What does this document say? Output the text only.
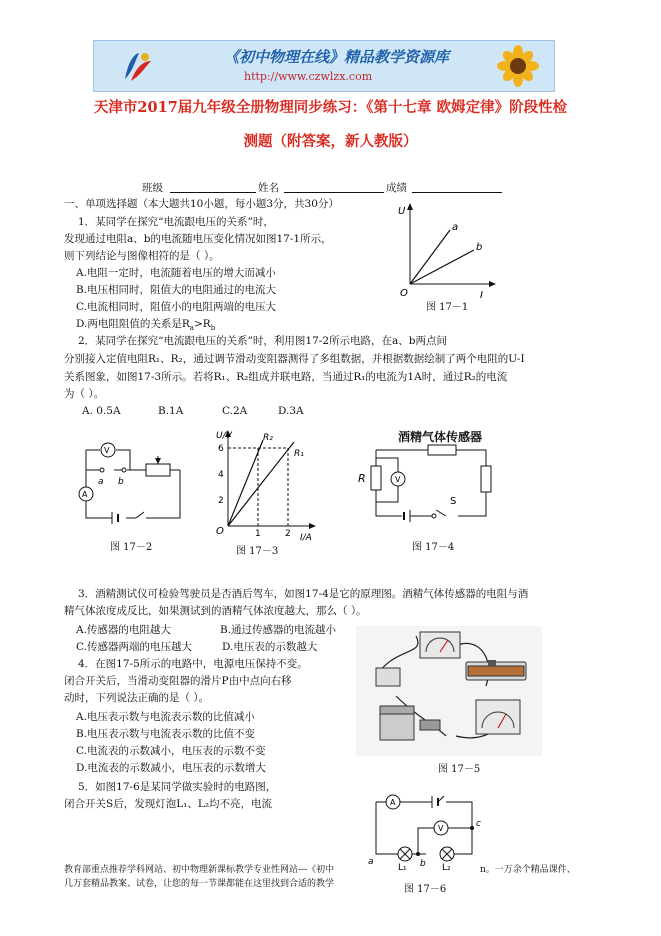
《初中物理在线》精品教学资源库
http://www.czwlzx.com
天津市2017届九年级全册物理同步练习：《第十七章 欧姆定律》阶段性检
测题（附答案，新人教版）
班级	姓名	成绩
一、单项选择题（本大题共10小题，每小题3分，共30分）
1．某同学在探究“电流跟电压的关系”时，
发现通过电阻a、b的电流随电压变化情况如图17-1所示，
则下列结论与图像相符的是（ ）。
A.电阻一定时，电流随着电压的增大而减小
B.电压相同时，阻值大的电阻通过的电流大
C.电流相同时，阻值小的电阻两端的电压大
D.两电阻阻值的关系是$R_a>R_b$
U
I
O
a
b
图 17－1
2．某同学在探究“电流跟电压的关系”时，利用图17-2所示电路，在a、b两点间
分别接入定值电阻R₁、R₂，通过调节滑动变阻器测得了多组数据，并根据数据绘制了两个电阻的U-I
关系图象，如图17-3所示。若将R₁、R₂组成并联电路，当通过R₁的电流为1A时，通过R₂的电流
为（ ）。
A. 0.5A	B.1A	C.2A	D.3A
V
A
a b
图 17－2
U/V
I/A
O
6
4
2
1	2
R₂
R₁
图 17－3
酒精气体传感器
V
R
S
图 17－4
3．酒精测试仪可检验驾驶员是否酒后驾车，如图17-4是它的原理图。酒精气体传感器的电阻与酒
精气体浓度成反比，如果测试到的酒精气体浓度越大，那么（ ）。
A.传感器的电阻越大	B.通过传感器的电流越小
C.传感器两端的电压越大	D.电压表的示数越大
4．在图17-5所示的电路中，电源电压保持不变。
闭合开关后，当滑动变阻器的滑片P由中点向右移
动时，下列说法正确的是（ ）。
A.电压表示数与电流表示数的比值减小
B.电压表示数与电流表示数的比值不变
C.电流表的示数减小，电压表的示数不变
D.电流表的示数减小，电压表的示数增大	图 17－5
5．如图17-6是某同学做实验时的电路图，
闭合开关S后，发现灯泡L₁、L₂均不亮，电流	A
V
a	b
c
L₁	L₂
图 17－6
教育部重点推荐学科网站、初中物理新课标教学专业性网站---《初中	n。一万余个精品课件、
几万套精品教案、试卷，让您的每一节课都能在这里找到合适的教学
